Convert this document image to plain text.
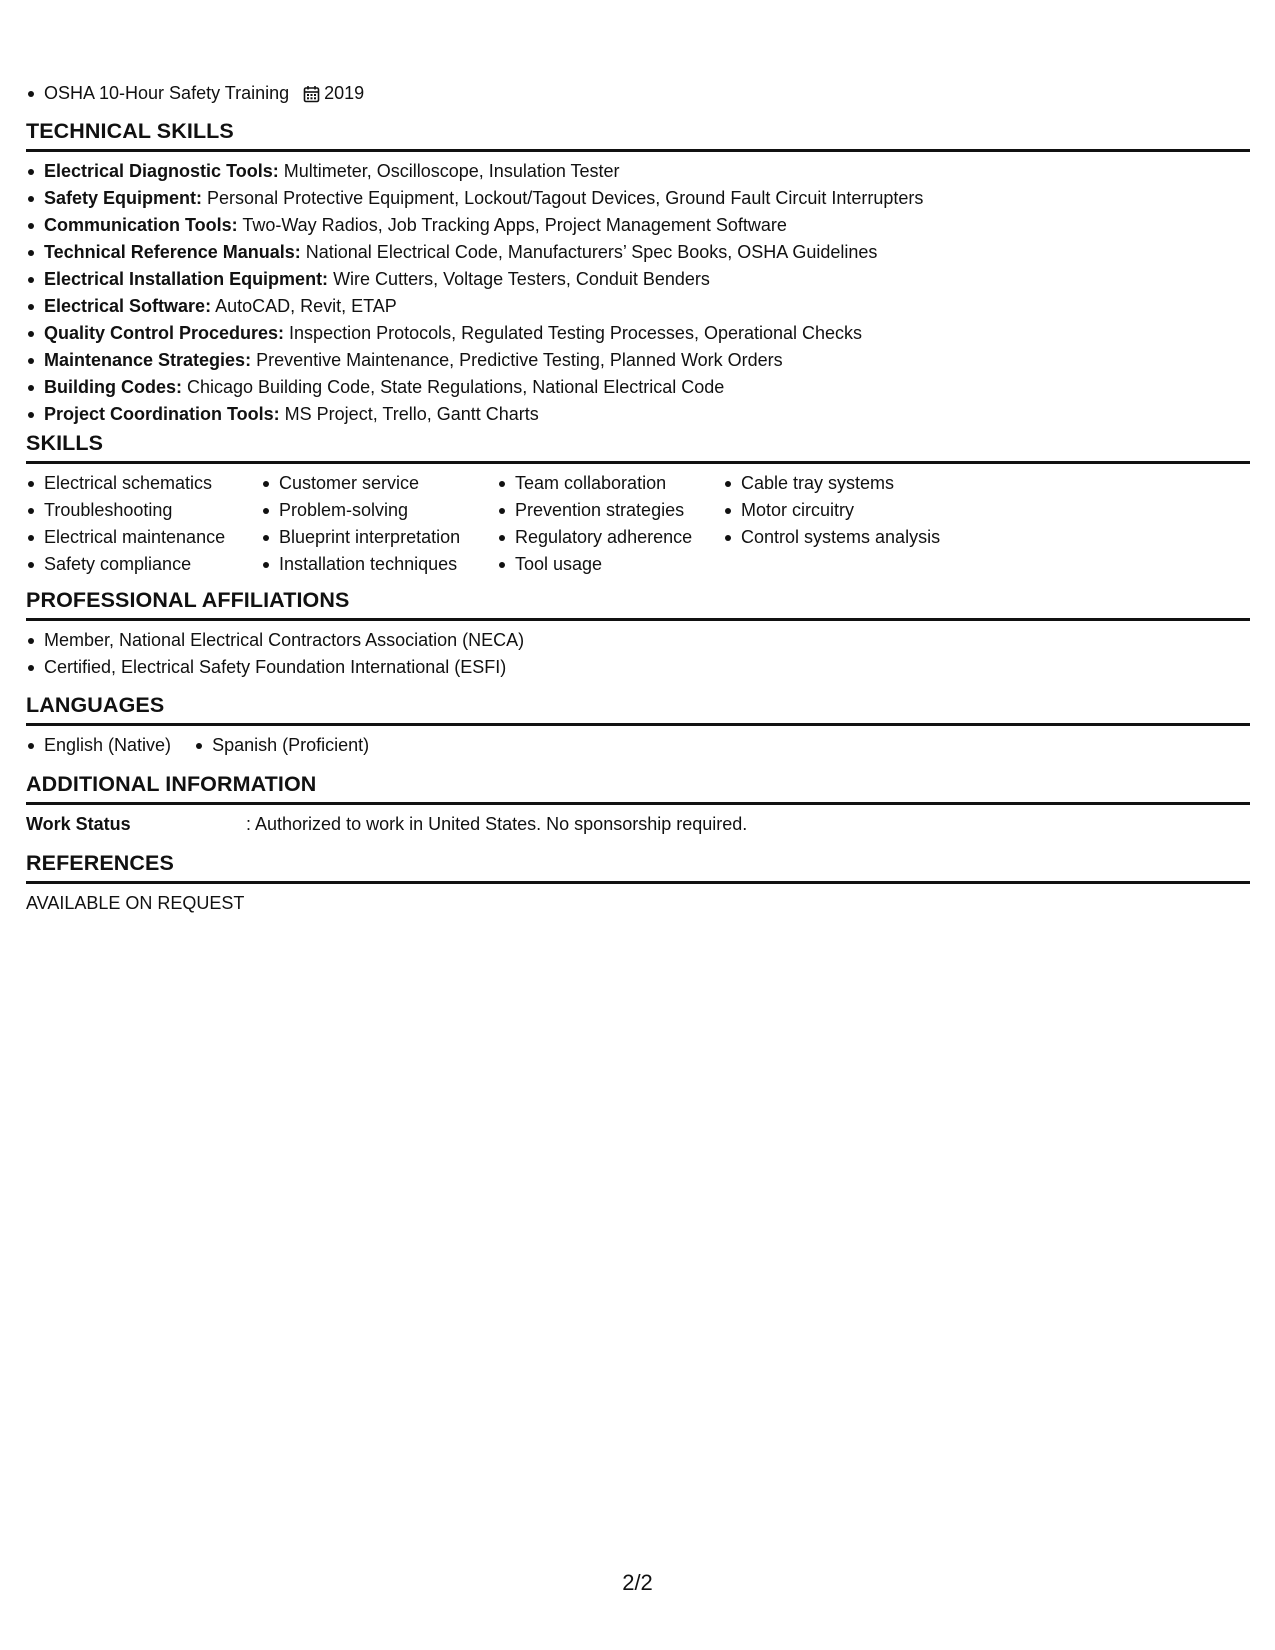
OSHA 10-Hour Safety Training 2019
TECHNICAL SKILLS
Electrical Diagnostic Tools: Multimeter, Oscilloscope, Insulation Tester
Safety Equipment: Personal Protective Equipment, Lockout/Tagout Devices, Ground Fault Circuit Interrupters
Communication Tools: Two-Way Radios, Job Tracking Apps, Project Management Software
Technical Reference Manuals: National Electrical Code, Manufacturers’ Spec Books, OSHA Guidelines
Electrical Installation Equipment: Wire Cutters, Voltage Testers, Conduit Benders
Electrical Software: AutoCAD, Revit, ETAP
Quality Control Procedures: Inspection Protocols, Regulated Testing Processes, Operational Checks
Maintenance Strategies: Preventive Maintenance, Predictive Testing, Planned Work Orders
Building Codes: Chicago Building Code, State Regulations, National Electrical Code
Project Coordination Tools: MS Project, Trello, Gantt Charts
SKILLS
Electrical schematics
Troubleshooting
Electrical maintenance
Safety compliance
Customer service
Problem-solving
Blueprint interpretation
Installation techniques
Team collaboration
Prevention strategies
Regulatory adherence
Tool usage
Cable tray systems
Motor circuitry
Control systems analysis
PROFESSIONAL AFFILIATIONS
Member, National Electrical Contractors Association (NECA)
Certified, Electrical Safety Foundation International (ESFI)
LANGUAGES
English (Native) Spanish (Proficient)
ADDITIONAL INFORMATION
Work Status	: Authorized to work in United States. No sponsorship required.
REFERENCES
AVAILABLE ON REQUEST
2/2
